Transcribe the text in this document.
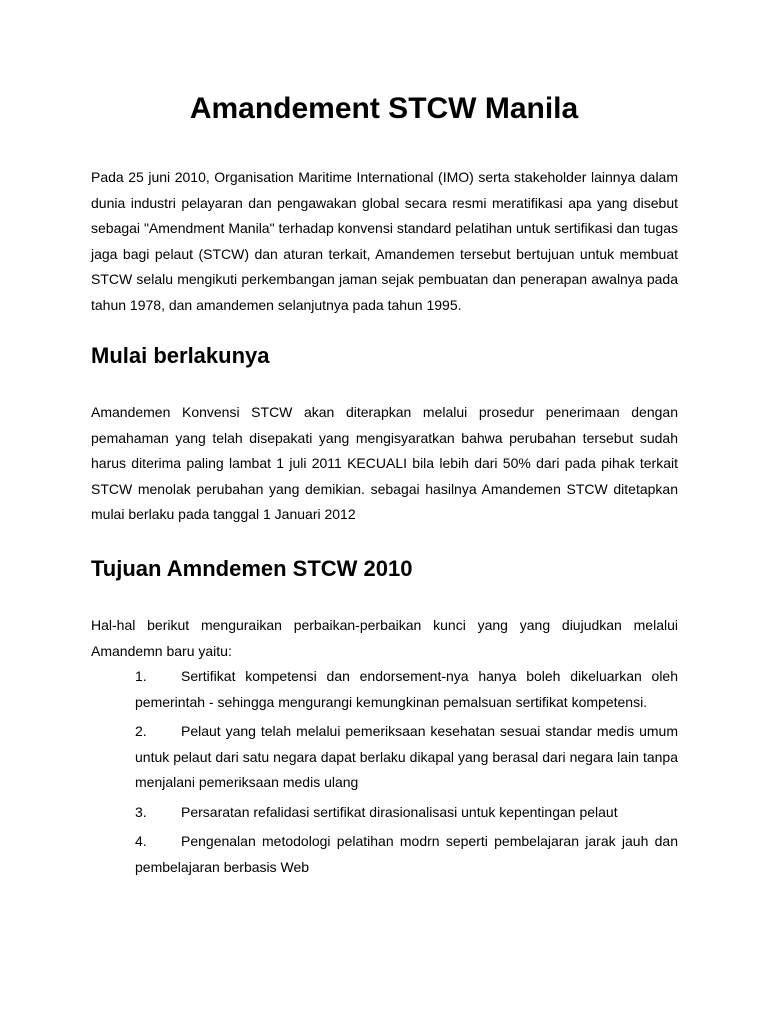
Amandement STCW Manila

Pada 25 juni 2010, Organisation Maritime International (IMO) serta stakeholder lainnya dalam dunia industri pelayaran dan pengawakan global secara resmi meratifikasi apa yang disebut sebagai "Amendment Manila" terhadap konvensi standard pelatihan untuk sertifikasi dan tugas jaga bagi pelaut (STCW) dan aturan terkait, Amandemen tersebut bertujuan untuk membuat STCW selalu mengikuti perkembangan jaman sejak pembuatan dan penerapan awalnya pada tahun 1978, dan amandemen selanjutnya pada tahun 1995.

Mulai berlakunya

Amandemen Konvensi STCW akan diterapkan melalui prosedur penerimaan dengan pemahaman yang telah disepakati yang mengisyaratkan bahwa perubahan tersebut sudah harus diterima paling lambat 1 juli 2011 KECUALI bila lebih dari 50% dari pada pihak terkait STCW menolak perubahan yang demikian. sebagai hasilnya Amandemen STCW ditetapkan mulai berlaku pada tanggal 1 Januari 2012

Tujuan Amndemen STCW 2010

Hal-hal berikut menguraikan perbaikan-perbaikan kunci yang yang diujudkan melalui Amandemn baru yaitu:

1. Sertifikat kompetensi dan endorsement-nya hanya boleh dikeluarkan oleh pemerintah - sehingga mengurangi kemungkinan pemalsuan sertifikat kompetensi.
2. Pelaut yang telah melalui pemeriksaan kesehatan sesuai standar medis umum untuk pelaut dari satu negara dapat berlaku dikapal yang berasal dari negara lain tanpa menjalani pemeriksaan medis ulang
3. Persaratan refalidasi sertifikat dirasionalisasi untuk kepentingan pelaut
4. Pengenalan metodologi pelatihan modrn seperti pembelajaran jarak jauh dan pembelajaran berbasis Web
